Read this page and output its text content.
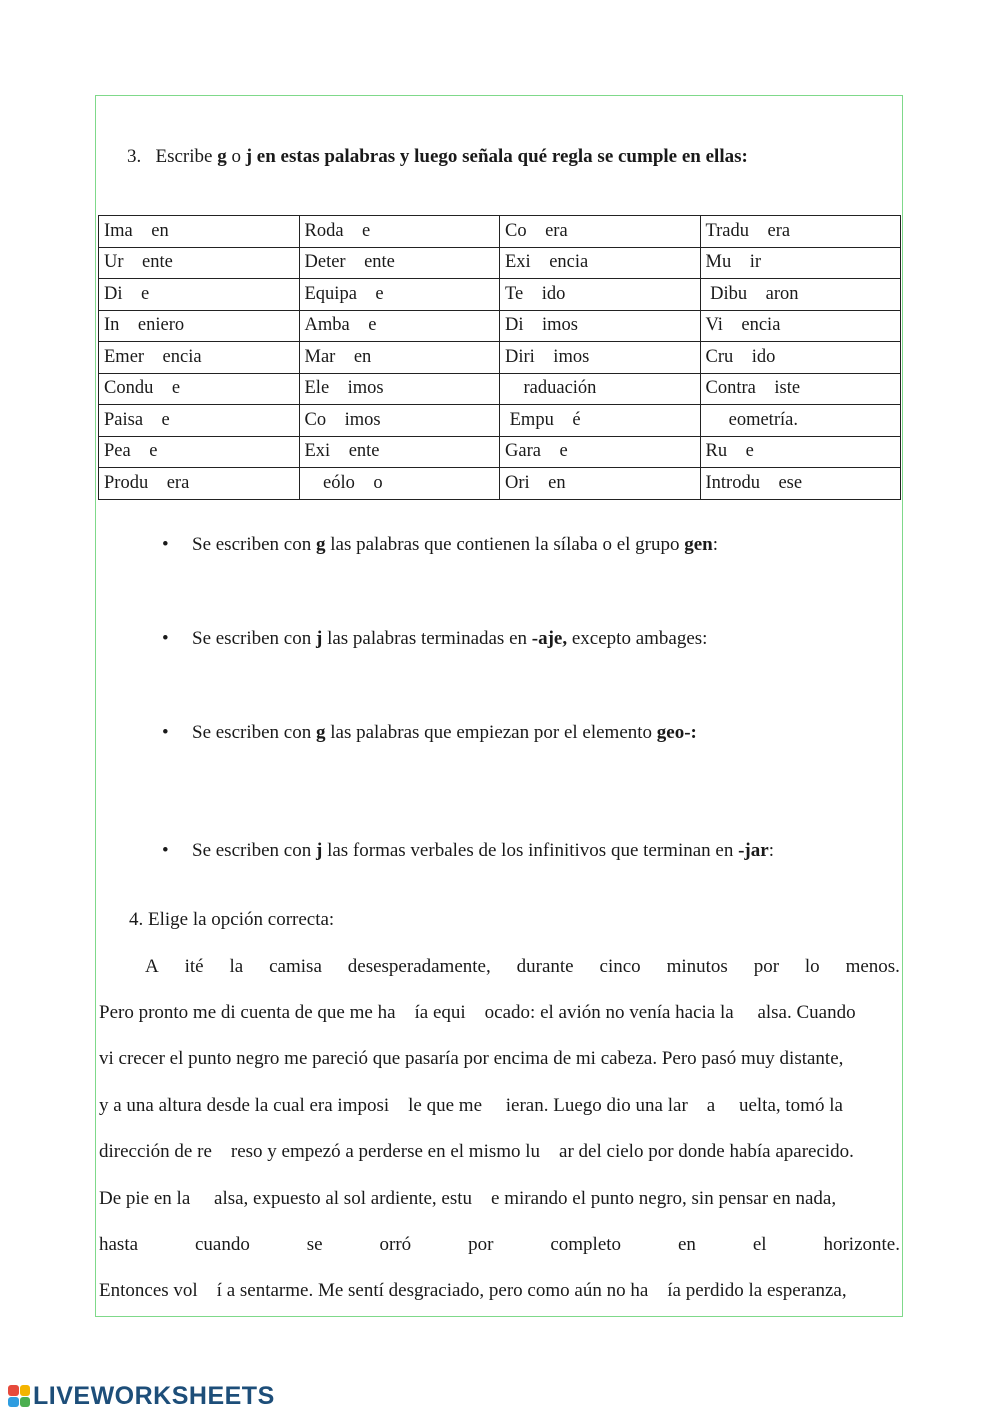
3. Escribe g o j en estas palabras y luego señala qué regla se cumple en ellas:
Ima    en	Roda    e	Co    era	Tradu    era
Ur    ente	Deter    ente	Exi    encia	Mu    ir
Di    e	Equipa    e	Te    ido	Dibu    aron
In    eniero	Amba    e	Di    imos	Vi    encia
Emer    encia	Mar    en	Diri    imos	Cru    ido
Condu    e	Ele    imos	raduación	Contra    iste
Paisa    e	Co    imos	Empu    é	eometría.
Pea    e	Exi    ente	Gara    e	Ru    e
Produ    era	eólo    o	Ori    en	Introdu    ese
• Se escriben con g las palabras que contienen la sílaba o el grupo gen:
• Se escriben con j las palabras terminadas en -aje, excepto ambages:
• Se escriben con g las palabras que empiezan por el elemento geo-:
• Se escriben con j las formas verbales de los infinitivos que terminan en -jar:
4. Elige la opción correcta:
A ité la camisa desesperadamente, durante cinco minutos por lo menos.
Pero pronto me di cuenta de que me ha    ía equi    ocado: el avión no venía hacia la     alsa. Cuando
vi crecer el punto negro me pareció que pasaría por encima de mi cabeza. Pero pasó muy distante,
y a una altura desde la cual era imposi    le que me     ieran. Luego dio una lar    a     uelta, tomó la
dirección de re    reso y empezó a perderse en el mismo lu    ar del cielo por donde había aparecido.
De pie en la     alsa, expuesto al sol ardiente, estu    e mirando el punto negro, sin pensar en nada,
hasta	cuando	se	orró	por	completo	en	el	horizonte.
Entonces vol    í a sentarme. Me sentí desgraciado, pero como aún no ha    ía perdido la esperanza,
LIVEWORKSHEETS
